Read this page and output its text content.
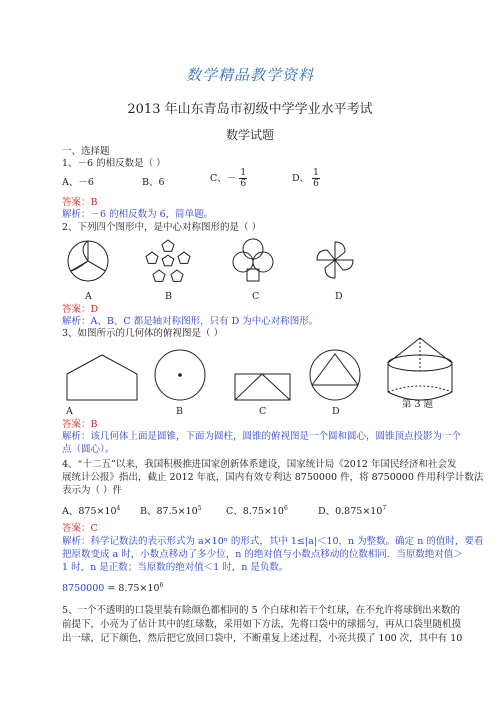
数学精品教学资料
2013 年山东青岛市初级中学学业水平考试
数学试题
一、选择题
1、－6 的相反数是（ ）
A、－6	B、6	C、－ $\frac{1}{6}$	D、 $\frac{1}{6}$
答案：B
解析：－6 的相反数为 6，简单题。
2、下列四个图形中，是中心对称图形的是（ ）
A	B	C	D
答案：D
解析：A、B、C 都是轴对称图形，只有 D 为中心对称图形。
3、如图所示的几何体的俯视图是（ ）
A	B	C	D
第 3 题
答案：B
解析：该几何体上面是圆锥，下面为圆柱，圆锥的俯视图是一个圆和圆心，圆锥顶点投影为一个
点（圆心）。
4、“十二五”以来，我国积极推进国家创新体系建设，国家统计局《2012 年国民经济和社会发
展统计公报》指出，截止 2012 年底，国内有效专利达 8750000 件，将 8750000 件用科学计数法
表示为（ ）件
A、$875\times 10^4$ B、$87.5\times 10^5$	C、$8.75\times 10^6$	D、$0.875\times 10^7$
答案：C
解析：科学记数法的表示形式为 a×10ⁿ 的形式，其中 1≤|a|＜10，n 为整数。确定 n 的值时，要看
把原数变成 a 时，小数点移动了多少位，n 的绝对值与小数点移动的位数相同．当原数绝对值＞
1 时，n 是正数；当原数的绝对值＜1 时，n 是负数。
$8750000 = 8.75\times 10^6$
5、一个不透明的口袋里装有除颜色都相同的 5 个白球和若干个红球，在不允许将球倒出来数的
前提下，小亮为了估计其中的红球数，采用如下方法，先将口袋中的球摇匀，再从口袋里随机摸
出一球，记下颜色，然后把它放回口袋中，不断重复上述过程，小亮共摸了 100 次，其中有 10
